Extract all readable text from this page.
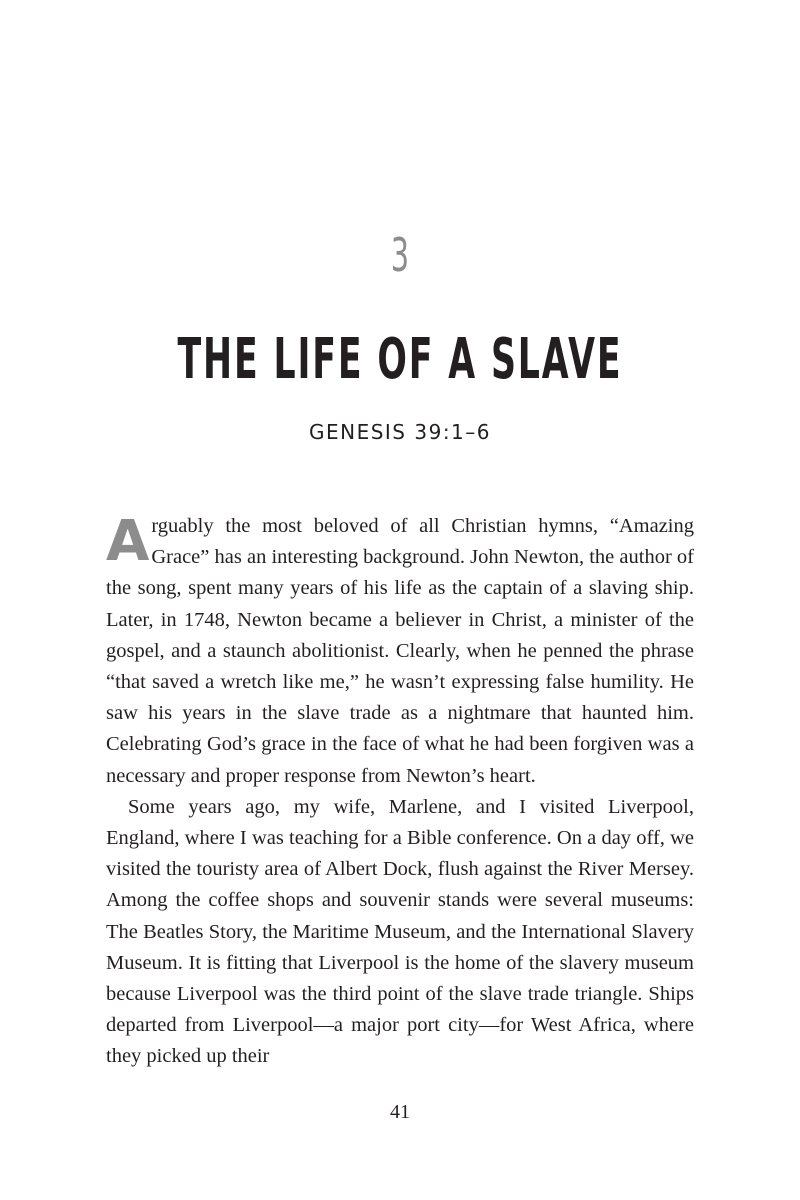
3
THE LIFE OF A SLAVE
GENESIS 39:1–6

Arguably the most beloved of all Christian hymns, “Amazing Grace” has an interesting background. John Newton, the author of the song, spent many years of his life as the captain of a slaving ship. Later, in 1748, Newton became a believer in Christ, a minister of the gospel, and a staunch abolitionist. Clearly, when he penned the phrase “that saved a wretch like me,” he wasn’t expressing false humility. He saw his years in the slave trade as a nightmare that haunted him. Celebrating God’s grace in the face of what he had been forgiven was a necessary and proper response from Newton’s heart.

Some years ago, my wife, Marlene, and I visited Liverpool, England, where I was teaching for a Bible conference. On a day off, we visited the touristy area of Albert Dock, flush against the River Mersey. Among the coffee shops and souvenir stands were several museums: The Beatles Story, the Maritime Museum, and the International Slavery Museum. It is fitting that Liverpool is the home of the slavery museum because Liverpool was the third point of the slave trade triangle. Ships departed from Liverpool—a major port city—for West Africa, where they picked up their

41
